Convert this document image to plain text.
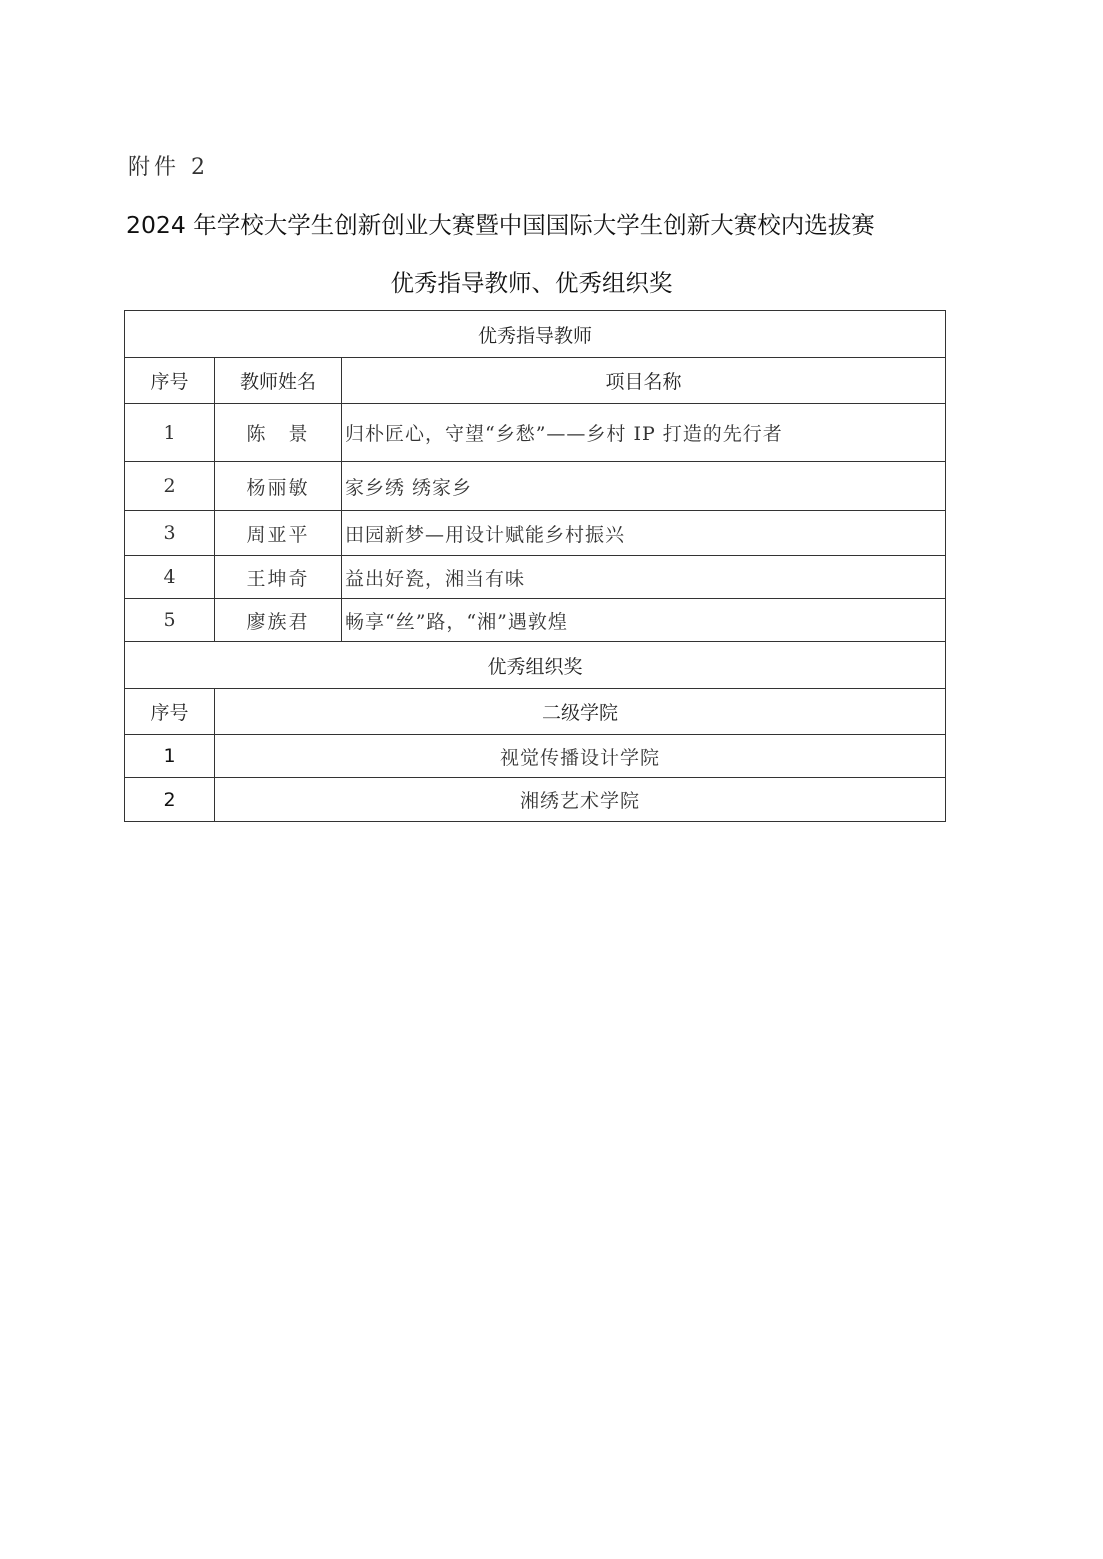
附件 2
2024 年学校大学生创新创业大赛暨中国国际大学生创新大赛校内选拔赛
优秀指导教师、优秀组织奖
优秀指导教师		
序号	教师姓名	项目名称
1	陈　景	归朴匠心，守望“乡愁”——乡村 IP 打造的先行者
2	杨丽敏	家乡绣 绣家乡
3	周亚平	田园新梦—用设计赋能乡村振兴
4	王坤奇	益出好瓷，湘当有味
5	廖族君	畅享“丝”路，“湘”遇敦煌
优秀组织奖		
序号	二级学院	
1	视觉传播设计学院	
2	湘绣艺术学院	
